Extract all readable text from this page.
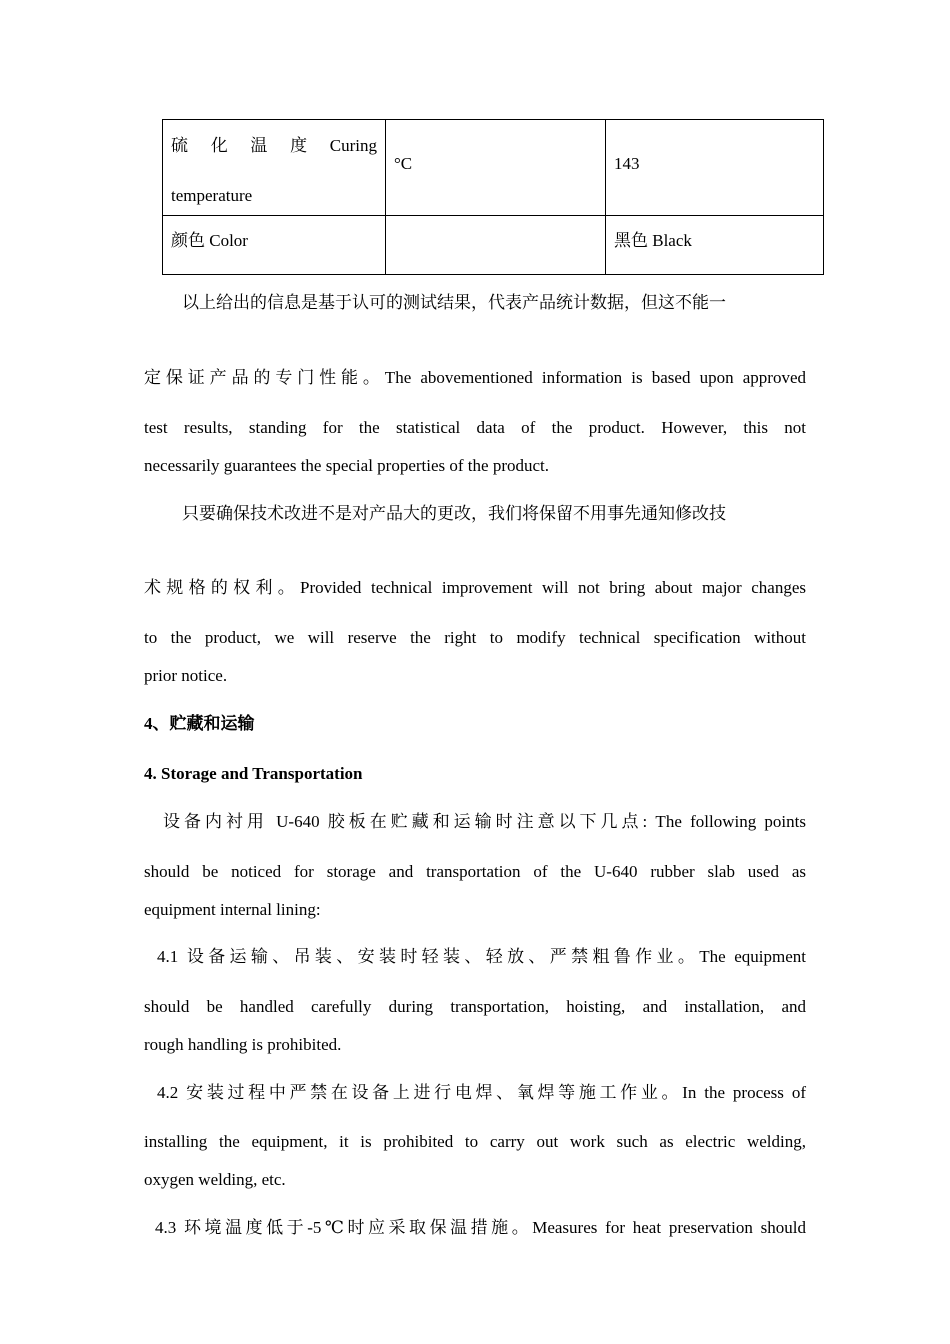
硫 化 温 度 Curing
temperature	°C	143

颜色 Color		黑色 Black
以上给出的信息是基于认可的测试结果，代表产品统计数据，但这不能一
定保证产品的专门性能。The abovementioned information is based upon approved
test results, standing for the statistical data of the product. However, this not
necessarily guarantees the special properties of the product.
只要确保技术改进不是对产品大的更改，我们将保留不用事先通知修改技
术规格的权利。Provided technical improvement will not bring about major changes
to the product, we will reserve the right to modify technical specification without
prior notice.
4、贮藏和运输
4. Storage and Transportation
设备内衬用 U-640 胶板在贮藏和运输时注意以下几点: The following points
should be noticed for storage and transportation of the U-640 rubber slab used as
equipment internal lining:
4.1 设备运输、吊装、安装时轻装、轻放、严禁粗鲁作业。The equipment
should be handled carefully during transportation, hoisting, and installation, and
rough handling is prohibited.
4.2 安装过程中严禁在设备上进行电焊、氧焊等施工作业。In the process of
installing the equipment, it is prohibited to carry out work such as electric welding,
oxygen welding, etc.
4.3 环境温度低于-5℃时应采取保温措施。Measures for heat preservation should
